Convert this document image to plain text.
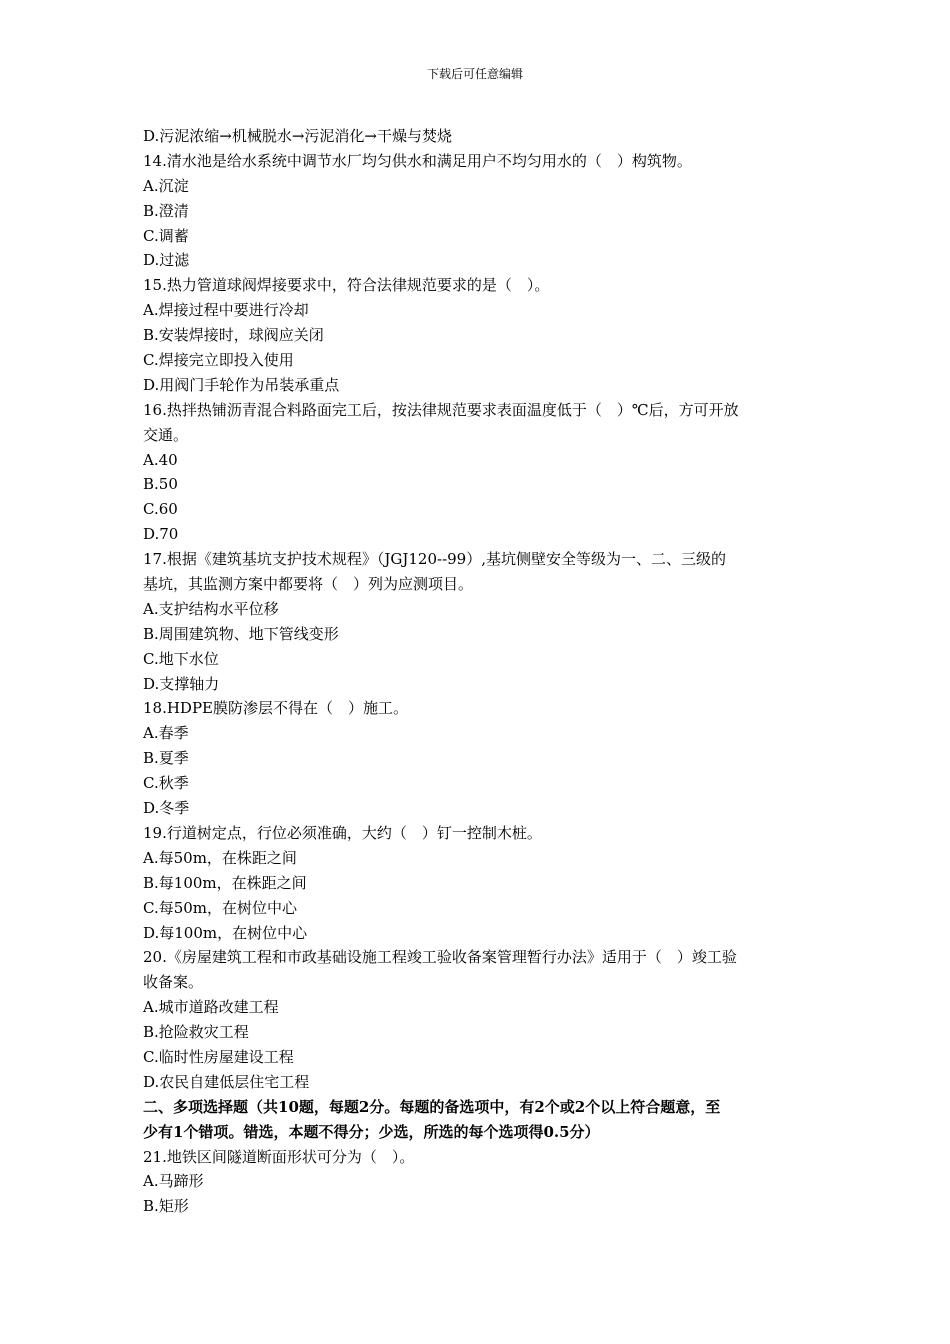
下载后可任意编辑
D.污泥浓缩→机械脱水→污泥消化→干燥与焚烧
14.清水池是给水系统中调节水厂均匀供水和满足用户不均匀用水的（　）构筑物。
A.沉淀
B.澄清
C.调蓄
D.过滤
15.热力管道球阀焊接要求中，符合法律规范要求的是（　）。
A.焊接过程中要进行冷却
B.安装焊接时，球阀应关闭
C.焊接完立即投入使用
D.用阀门手轮作为吊装承重点
16.热拌热铺沥青混合料路面完工后，按法律规范要求表面温度低于（　）℃后，方可开放
交通。
A.40
B.50
C.60
D.70
17.根据《建筑基坑支护技术规程》（JGJ120--99）,基坑侧壁安全等级为一、二、三级的
基坑，其监测方案中都要将（　）列为应测项目。
A.支护结构水平位移
B.周围建筑物、地下管线变形
C.地下水位
D.支撑轴力
18.HDPE膜防渗层不得在（　）施工。
A.春季
B.夏季
C.秋季
D.冬季
19.行道树定点，行位必须准确，大约（　）钉一控制木桩。
A.每50m，在株距之间
B.每100m，在株距之间
C.每50m，在树位中心
D.每100m，在树位中心
20.《房屋建筑工程和市政基础设施工程竣工验收备案管理暂行办法》适用于（　）竣工验
收备案。
A.城市道路改建工程
B.抢险救灾工程
C.临时性房屋建设工程
D.农民自建低层住宅工程
二、多项选择题（共10题，每题2分。每题的备选项中，有2个或2个以上符合题意，至
少有1个错项。错选，本题不得分；少选，所选的每个选项得0.5分）
21.地铁区间隧道断面形状可分为（　）。
A.马蹄形
B.矩形
